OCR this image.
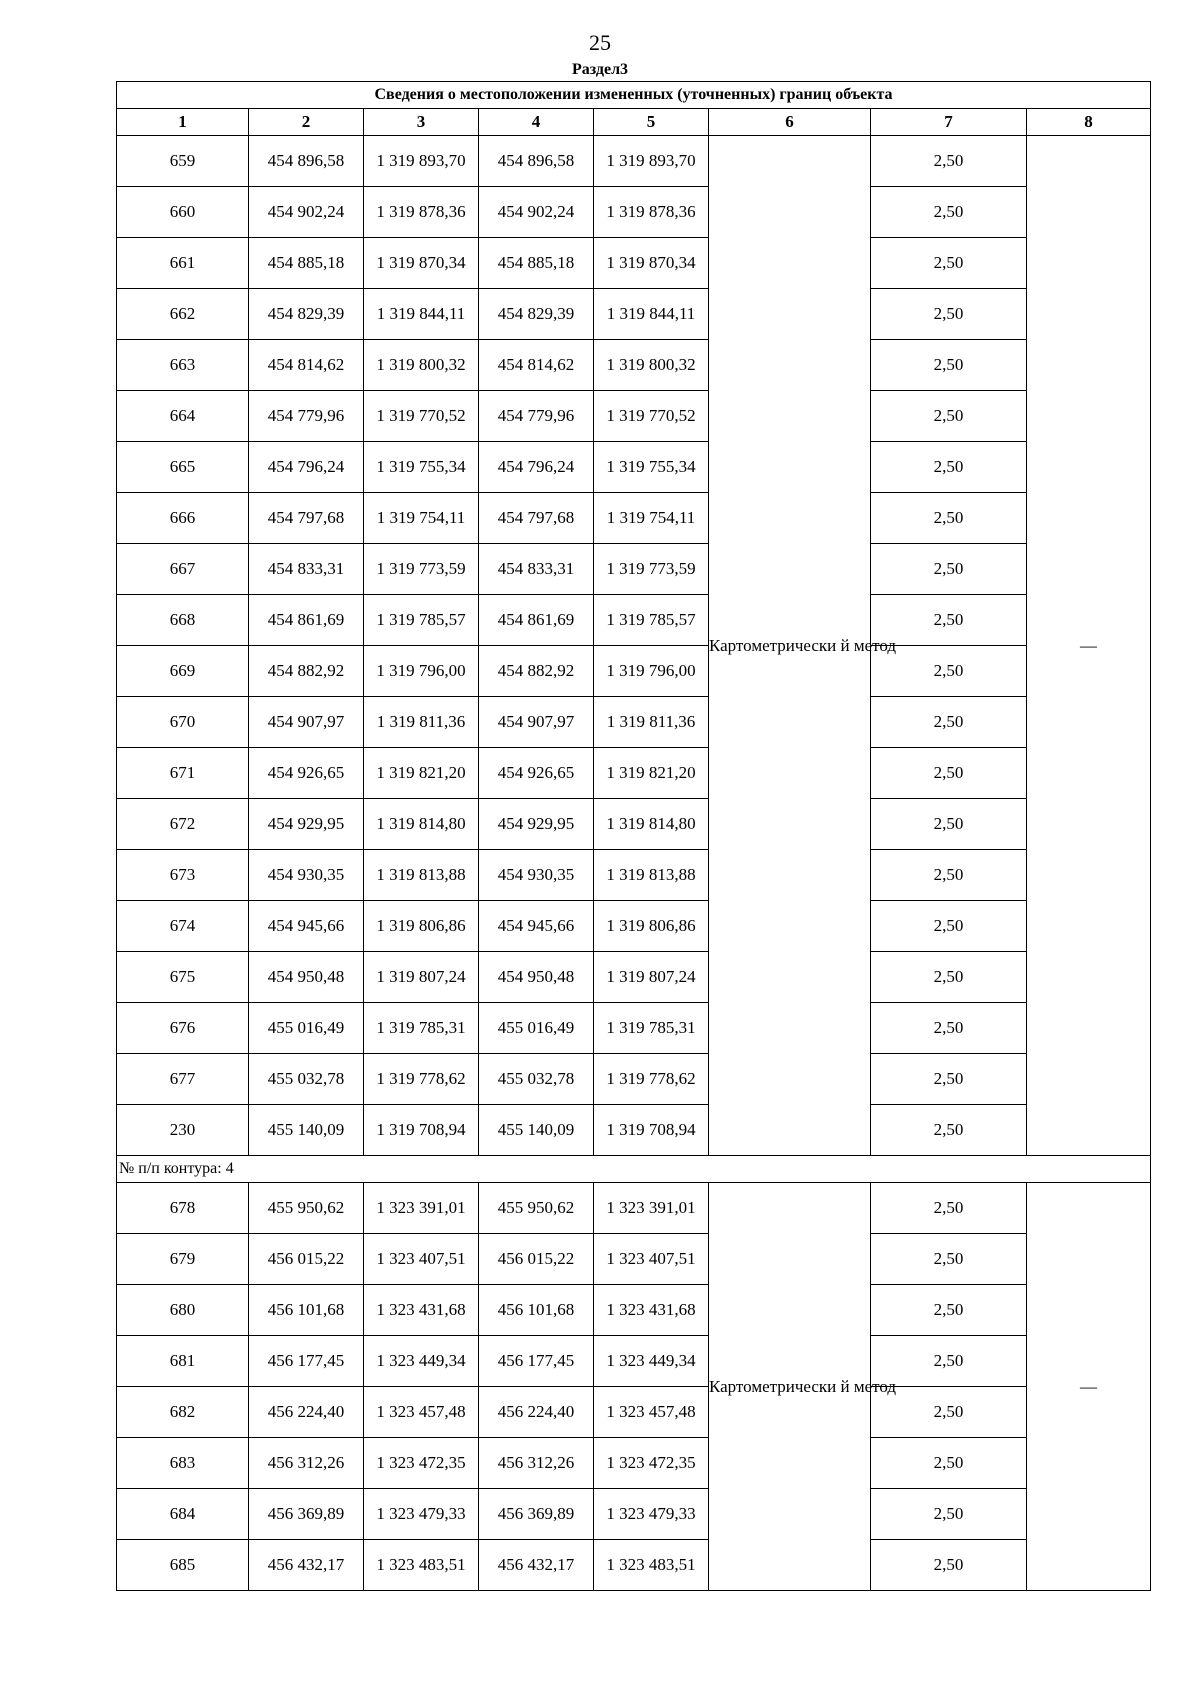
25
Раздел3
Сведения о местоположении измененных (уточненных) границ объекта							
1	2	3	4	5	6	7	8
659	454 896,58	1 319 893,70	454 896,58	1 319 893,70	Картометрически й метод	2,50	—
660	454 902,24	1 319 878,36	454 902,24	1 319 878,36		2,50	
661	454 885,18	1 319 870,34	454 885,18	1 319 870,34		2,50	
662	454 829,39	1 319 844,11	454 829,39	1 319 844,11		2,50	
663	454 814,62	1 319 800,32	454 814,62	1 319 800,32		2,50	
664	454 779,96	1 319 770,52	454 779,96	1 319 770,52		2,50	
665	454 796,24	1 319 755,34	454 796,24	1 319 755,34		2,50	
666	454 797,68	1 319 754,11	454 797,68	1 319 754,11		2,50	
667	454 833,31	1 319 773,59	454 833,31	1 319 773,59		2,50	
668	454 861,69	1 319 785,57	454 861,69	1 319 785,57		2,50	
669	454 882,92	1 319 796,00	454 882,92	1 319 796,00		2,50	
670	454 907,97	1 319 811,36	454 907,97	1 319 811,36		2,50	
671	454 926,65	1 319 821,20	454 926,65	1 319 821,20		2,50	
672	454 929,95	1 319 814,80	454 929,95	1 319 814,80		2,50	
673	454 930,35	1 319 813,88	454 930,35	1 319 813,88		2,50	
674	454 945,66	1 319 806,86	454 945,66	1 319 806,86		2,50	
675	454 950,48	1 319 807,24	454 950,48	1 319 807,24		2,50	
676	455 016,49	1 319 785,31	455 016,49	1 319 785,31		2,50	
677	455 032,78	1 319 778,62	455 032,78	1 319 778,62		2,50	
230	455 140,09	1 319 708,94	455 140,09	1 319 708,94		2,50	
№ п/п контура: 4							
678	455 950,62	1 323 391,01	455 950,62	1 323 391,01	Картометрически й метод	2,50	—
679	456 015,22	1 323 407,51	456 015,22	1 323 407,51		2,50	
680	456 101,68	1 323 431,68	456 101,68	1 323 431,68		2,50	
681	456 177,45	1 323 449,34	456 177,45	1 323 449,34		2,50	
682	456 224,40	1 323 457,48	456 224,40	1 323 457,48		2,50	
683	456 312,26	1 323 472,35	456 312,26	1 323 472,35		2,50	
684	456 369,89	1 323 479,33	456 369,89	1 323 479,33		2,50	
685	456 432,17	1 323 483,51	456 432,17	1 323 483,51		2,50	
